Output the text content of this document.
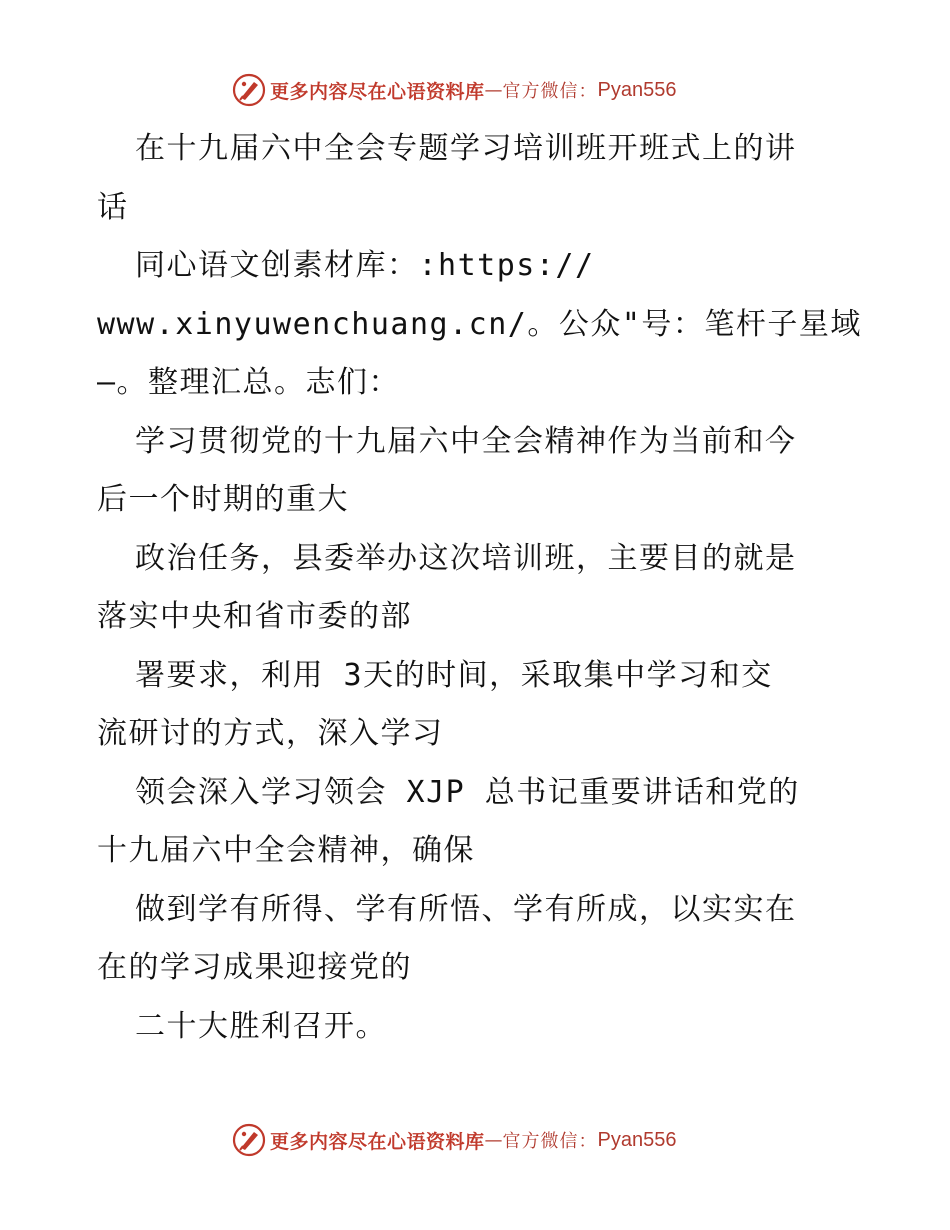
更多内容尽在心语资料库 — 官方微信： Pyan556
在十九届六中全会专题学习培训班开班式上的讲
话
同心语文创素材库：:https://
www.xinyuwenchuang.cn/。公众"号：笔杆子星域
—。整理汇总。志们：
学习贯彻党的十九届六中全会精神作为当前和今
后一个时期的重大
政治任务，县委举办这次培训班，主要目的就是
落实中央和省市委的部
署要求，利用 3天的时间，采取集中学习和交
流研讨的方式，深入学习
领会深入学习领会 XJP 总书记重要讲话和党的
十九届六中全会精神，确保
做到学有所得、学有所悟、学有所成，以实实在
在的学习成果迎接党的
二十大胜利召开。
更多内容尽在心语资料库 — 官方微信： Pyan556
